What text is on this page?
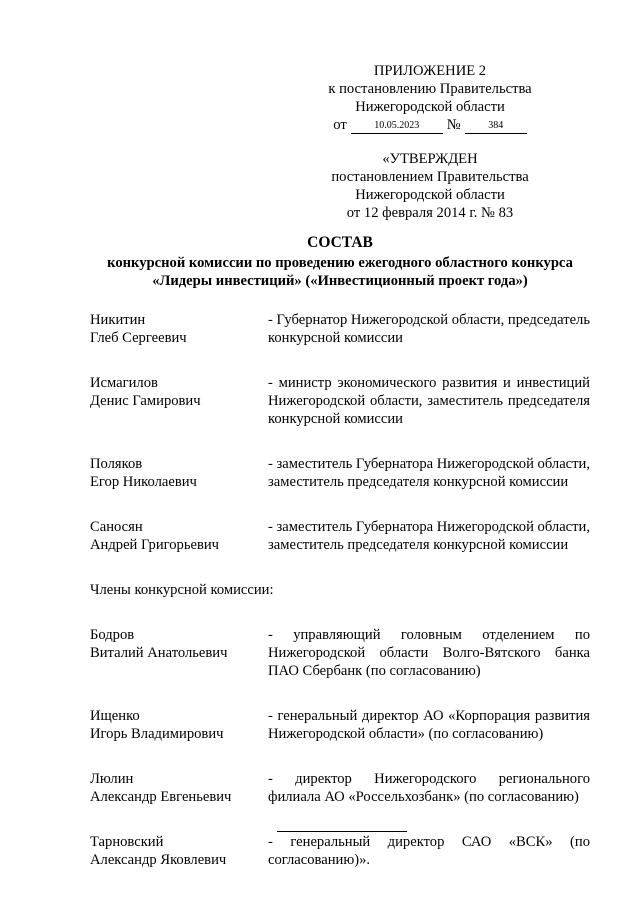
ПРИЛОЖЕНИЕ 2
к постановлению Правительства
Нижегородской области
от	10.05.2023	№	384
«УТВЕРЖДЕН
постановлением Правительства
Нижегородской области
от 12 февраля 2014 г. № 83
СОСТАВ
конкурсной комиссии по проведению ежегодного областного конкурса
«Лидеры инвестиций» («Инвестиционный проект года»)
Никитин
Глеб Сергеевич
- Губернатор Нижегородской области, председатель конкурсной комиссии
Исмагилов
Денис Гамирович
- министр экономического развития и инвестиций Нижегородской области, заместитель председателя конкурсной комиссии
Поляков
Егор Николаевич
- заместитель Губернатора Нижегородской области, заместитель председателя конкурсной комиссии
Саносян
Андрей Григорьевич
- заместитель Губернатора Нижегородской области, заместитель председателя конкурсной комиссии
Члены конкурсной комиссии:
Бодров
Виталий Анатольевич
- управляющий головным отделением по Нижегородской области Волго-Вятского банка ПАО Сбербанк (по согласованию)
Ищенко
Игорь Владимирович
- генеральный директор АО «Корпорация развития Нижегородской области» (по согласованию)
Люлин
Александр Евгеньевич
- директор Нижегородского регионального филиала АО «Россельхозбанк» (по согласованию)
Тарновский
Александр Яковлевич
- генеральный директор САО «ВСК» (по согласованию)».
